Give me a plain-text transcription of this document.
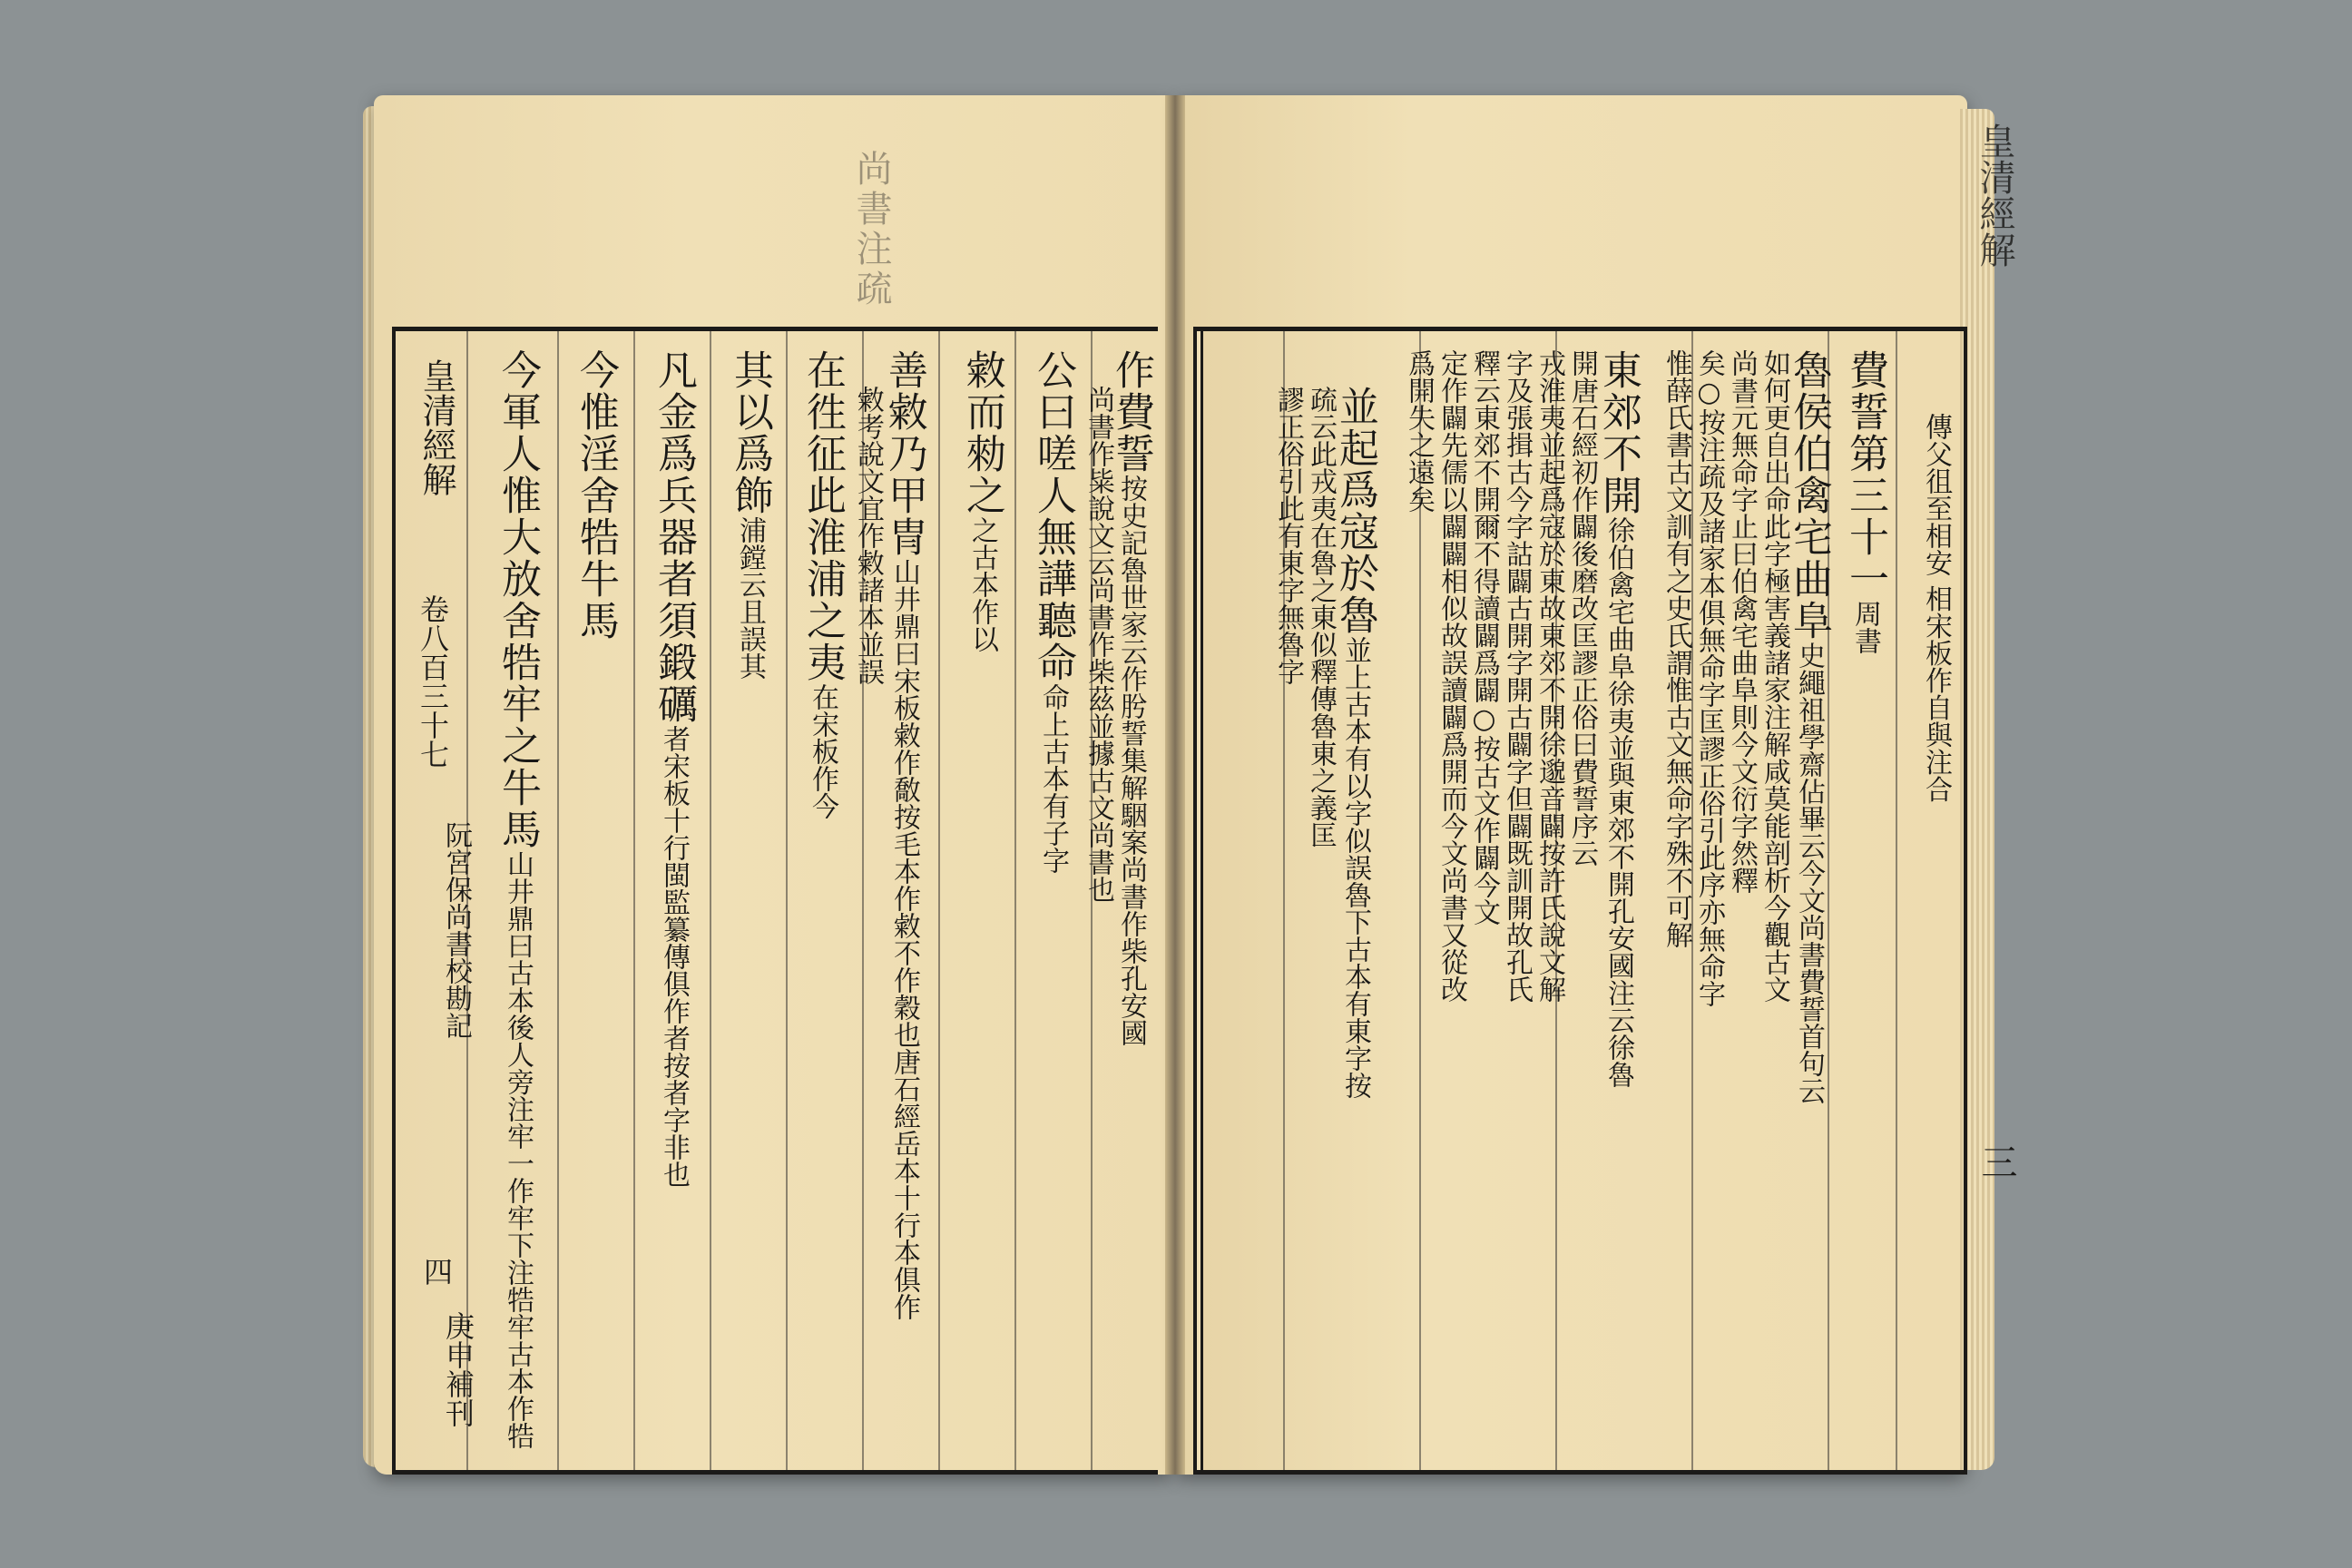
尚書注疏
作費誓按史記魯世家云作肹誓集解駰案尚書作柴孔安國
尚書作粊說文云尚書作柴茲並據古文尚書也
公曰嗟人無譁聽命命上古本有子字
敹而勑之之古本作以
善敹乃甲冑山井鼎曰宋板敹作敿按毛本作敹不作穀也唐石經岳本十行本俱作
敹考說文宜作敹諸本並誤
在徃征此淮浦之夷在宋板作今
其以爲飾浦鏜云且誤其
凡金爲兵器者須鍛礪者宋板十行閩監纂傳俱作者按者字非也
今惟淫舍牿牛馬
今軍人惟大放舍牿牢之牛馬山井鼎曰古本後人旁注牢一作牢下注牿牢古本作牿
皇清經解
卷八百三十七
阮宮保尚書校勘記
四
庚申補刊
傳父徂至相安 相宋板作自與注合
費誓第三十一周書
魯侯伯禽宅曲阜史繩祖學齋佔畢云今文尚書費誓首句云
如何更自出命此字極害義諸家注解咸莫能剖析今觀古文
尚書元無命字止曰伯禽宅曲阜則今文衍字然釋
矣○按注疏及諸家本俱無命字匡謬正俗引此序亦無命字
惟薛氏書古文訓有之史氏謂惟古文無命字殊不可解
東郊不開徐伯禽宅曲阜徐夷並與東郊不開孔安國注云徐魯
開唐石經初作闢後磨改匡謬正俗曰費誓序云
戎淮夷並起爲寇於東故東郊不開徐邈音闢按許氏說文解
字及張揖古今字詁闢古開字開古闢字但闢既訓開故孔氏
釋云東郊不開爾不得讀闢爲闢○按古文作闢今文
定作闢先儒以闢闢相似故誤讀闢爲開而今文尚書又從改
爲開失之遠矣
並起爲寇於魯並上古本有以字似誤魯下古本有東字按
疏云此戎夷在魯之東似釋傳魯東之義匡
謬正俗引此有東字無魯字
皇清經解
三
